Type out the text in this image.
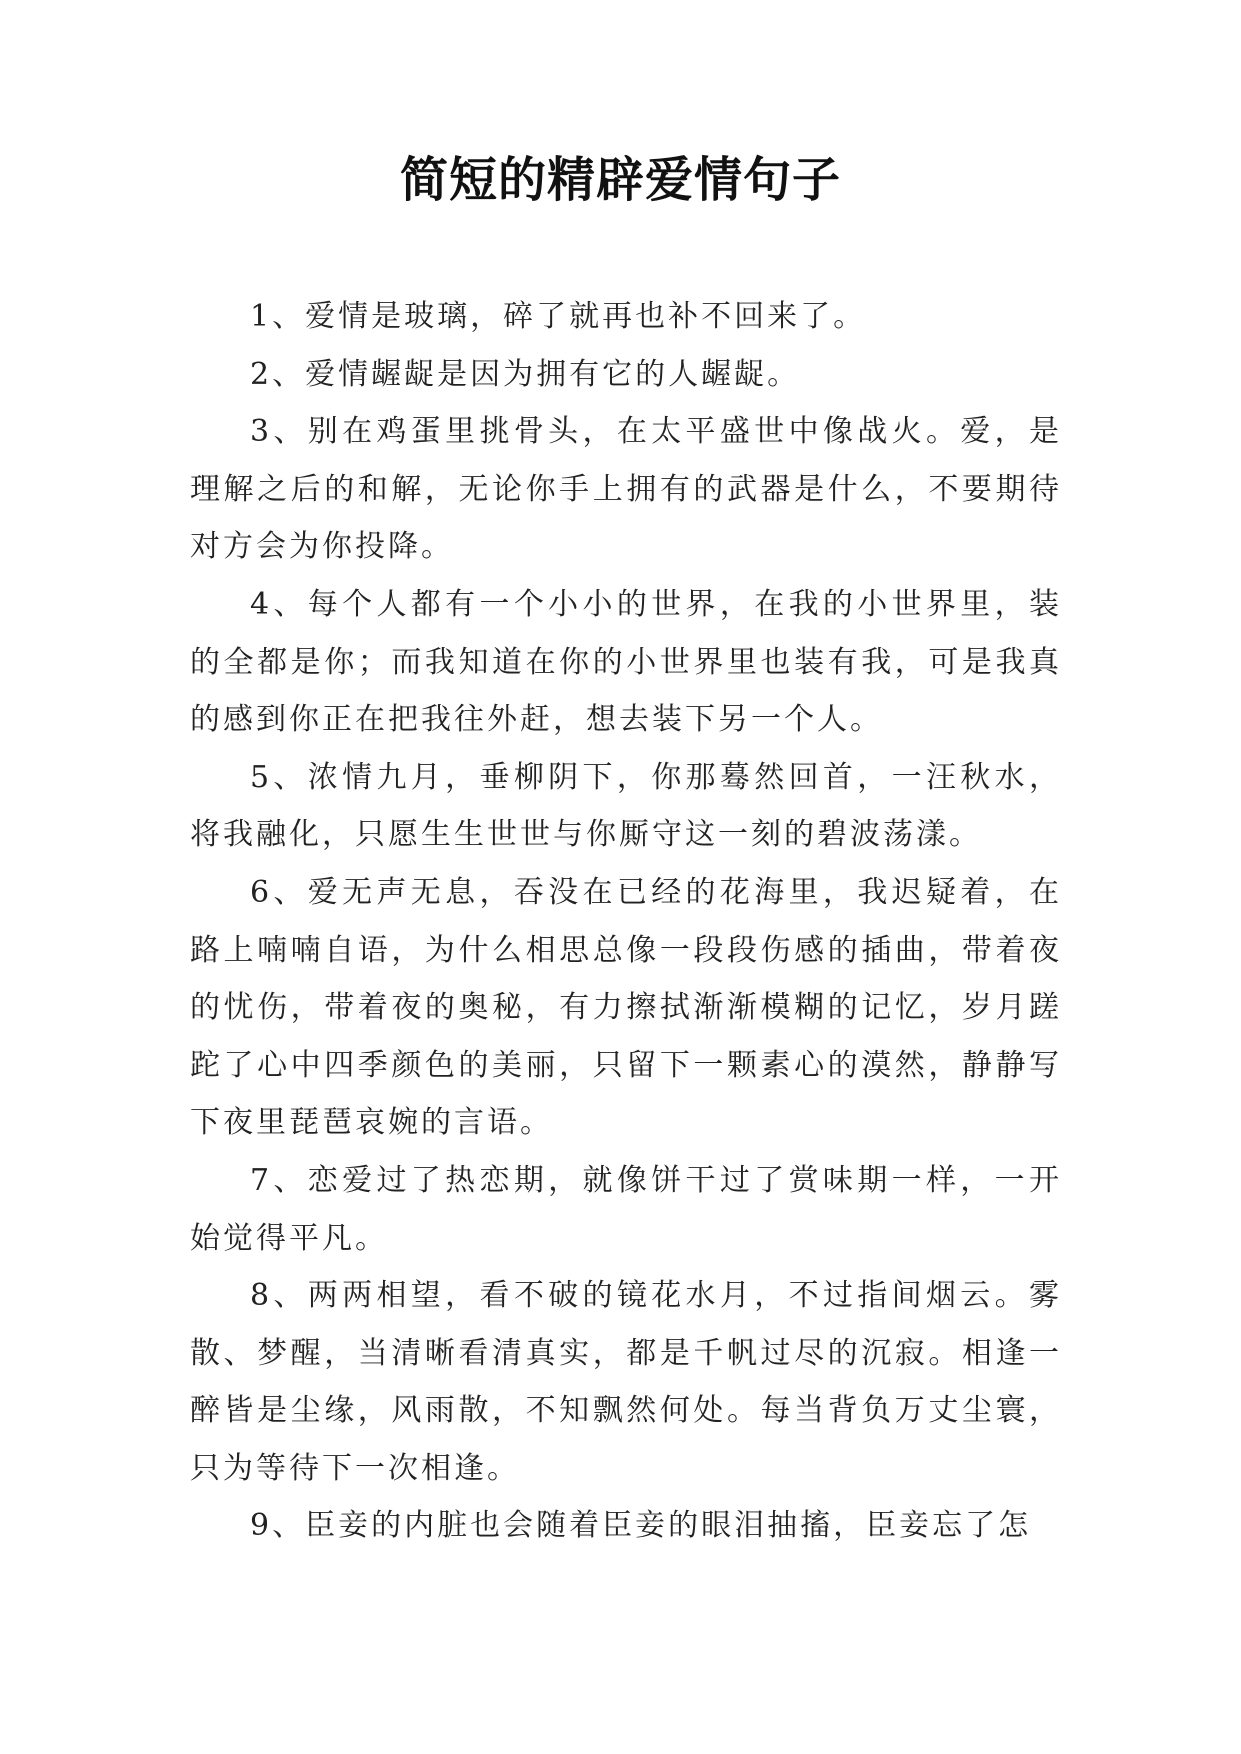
简短的精辟爱情句子

1、爱情是玻璃，碎了就再也补不回来了。

2、爱情龌龊是因为拥有它的人龌龊。

3、别在鸡蛋里挑骨头，在太平盛世中像战火。爱，是理解之后的和解，无论你手上拥有的武器是什么，不要期待对方会为你投降。

4、每个人都有一个小小的世界，在我的小世界里，装的全都是你；而我知道在你的小世界里也装有我，可是我真的感到你正在把我往外赶，想去装下另一个人。

5、浓情九月，垂柳阴下，你那蓦然回首，一汪秋水，将我融化，只愿生生世世与你厮守这一刻的碧波荡漾。

6、爱无声无息，吞没在已经的花海里，我迟疑着，在路上喃喃自语，为什么相思总像一段段伤感的插曲，带着夜的忧伤，带着夜的奥秘，有力擦拭渐渐模糊的记忆，岁月蹉跎了心中四季颜色的美丽，只留下一颗素心的漠然，静静写下夜里琵琶哀婉的言语。

7、恋爱过了热恋期，就像饼干过了赏味期一样，一开始觉得平凡。

8、两两相望，看不破的镜花水月，不过指间烟云。雾散、梦醒，当清晰看清真实，都是千帆过尽的沉寂。相逢一醉皆是尘缘，风雨散，不知飘然何处。每当背负万丈尘寰，只为等待下一次相逢。

9、臣妾的内脏也会随着臣妾的眼泪抽搐，臣妾忘了怎
